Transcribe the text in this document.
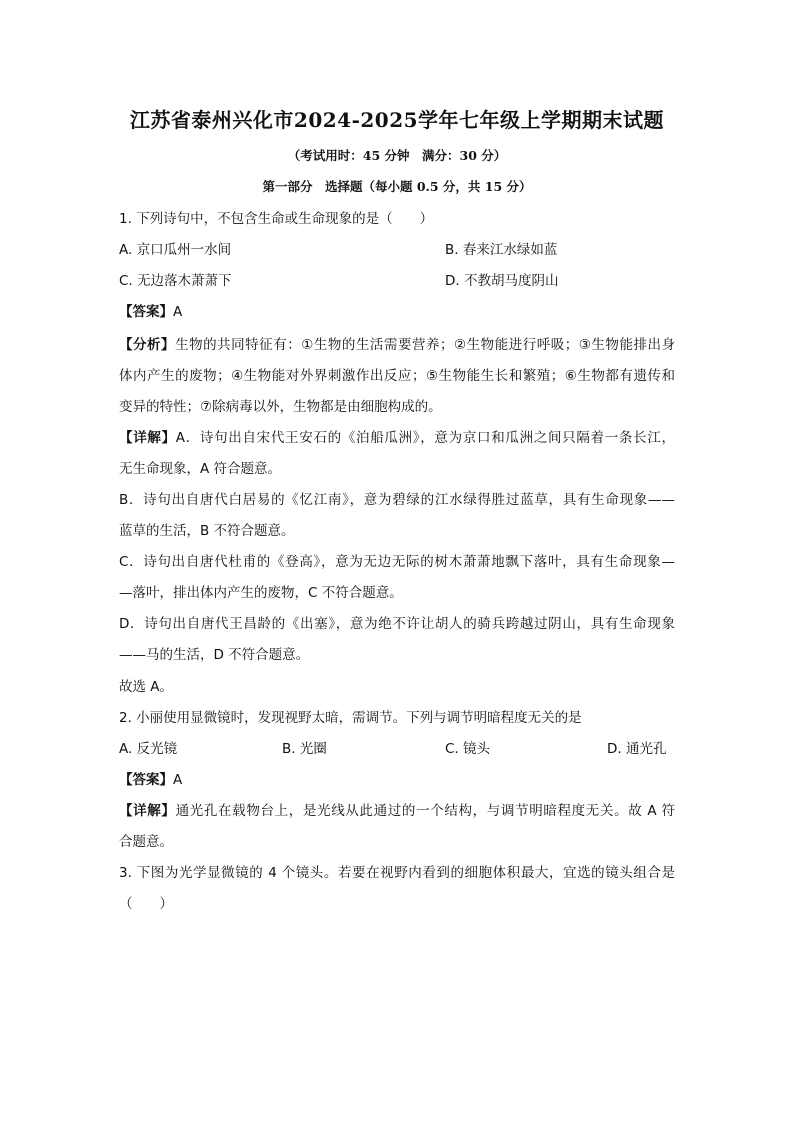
江苏省泰州兴化市2024-2025学年七年级上学期期末试题
（考试用时：45 分钟　满分：30 分）
第一部分　选择题（每小题 0.5 分，共 15 分）
1. 下列诗句中，不包含生命或生命现象的是（　　）
A. 京口瓜州一水间	B. 春来江水绿如蓝
C. 无边落木萧萧下	D. 不教胡马度阴山
【答案】A
【分析】生物的共同特征有：①生物的生活需要营养；②生物能进行呼吸；③生物能排出身
体内产生的废物；④生物能对外界刺激作出反应；⑤生物能生长和繁殖；⑥生物都有遗传和
变异的特性；⑦除病毒以外，生物都是由细胞构成的。
【详解】A．诗句出自宋代王安石的《泊船瓜洲》，意为京口和瓜洲之间只隔着一条长江，
无生命现象，A 符合题意。
B．诗句出自唐代白居易的《忆江南》，意为碧绿的江水绿得胜过蓝草，具有生命现象——
蓝草的生活，B 不符合题意。
C．诗句出自唐代杜甫的《登高》，意为无边无际的树木萧萧地飘下落叶，具有生命现象—
—落叶，排出体内产生的废物，C 不符合题意。
D．诗句出自唐代王昌龄的《出塞》，意为绝不许让胡人的骑兵跨越过阴山，具有生命现象
——马的生活，D 不符合题意。
故选 A。
2. 小丽使用显微镜时，发现视野太暗，需调节。下列与调节明暗程度无关的是
A. 反光镜	B. 光圈	C. 镜头	D. 通光孔
【答案】A
【详解】通光孔在载物台上，是光线从此通过的一个结构，与调节明暗程度无关。故 A 符
合题意。
3. 下图为光学显微镜的 4 个镜头。若要在视野内看到的细胞体积最大，宜选的镜头组合是
（　　）
